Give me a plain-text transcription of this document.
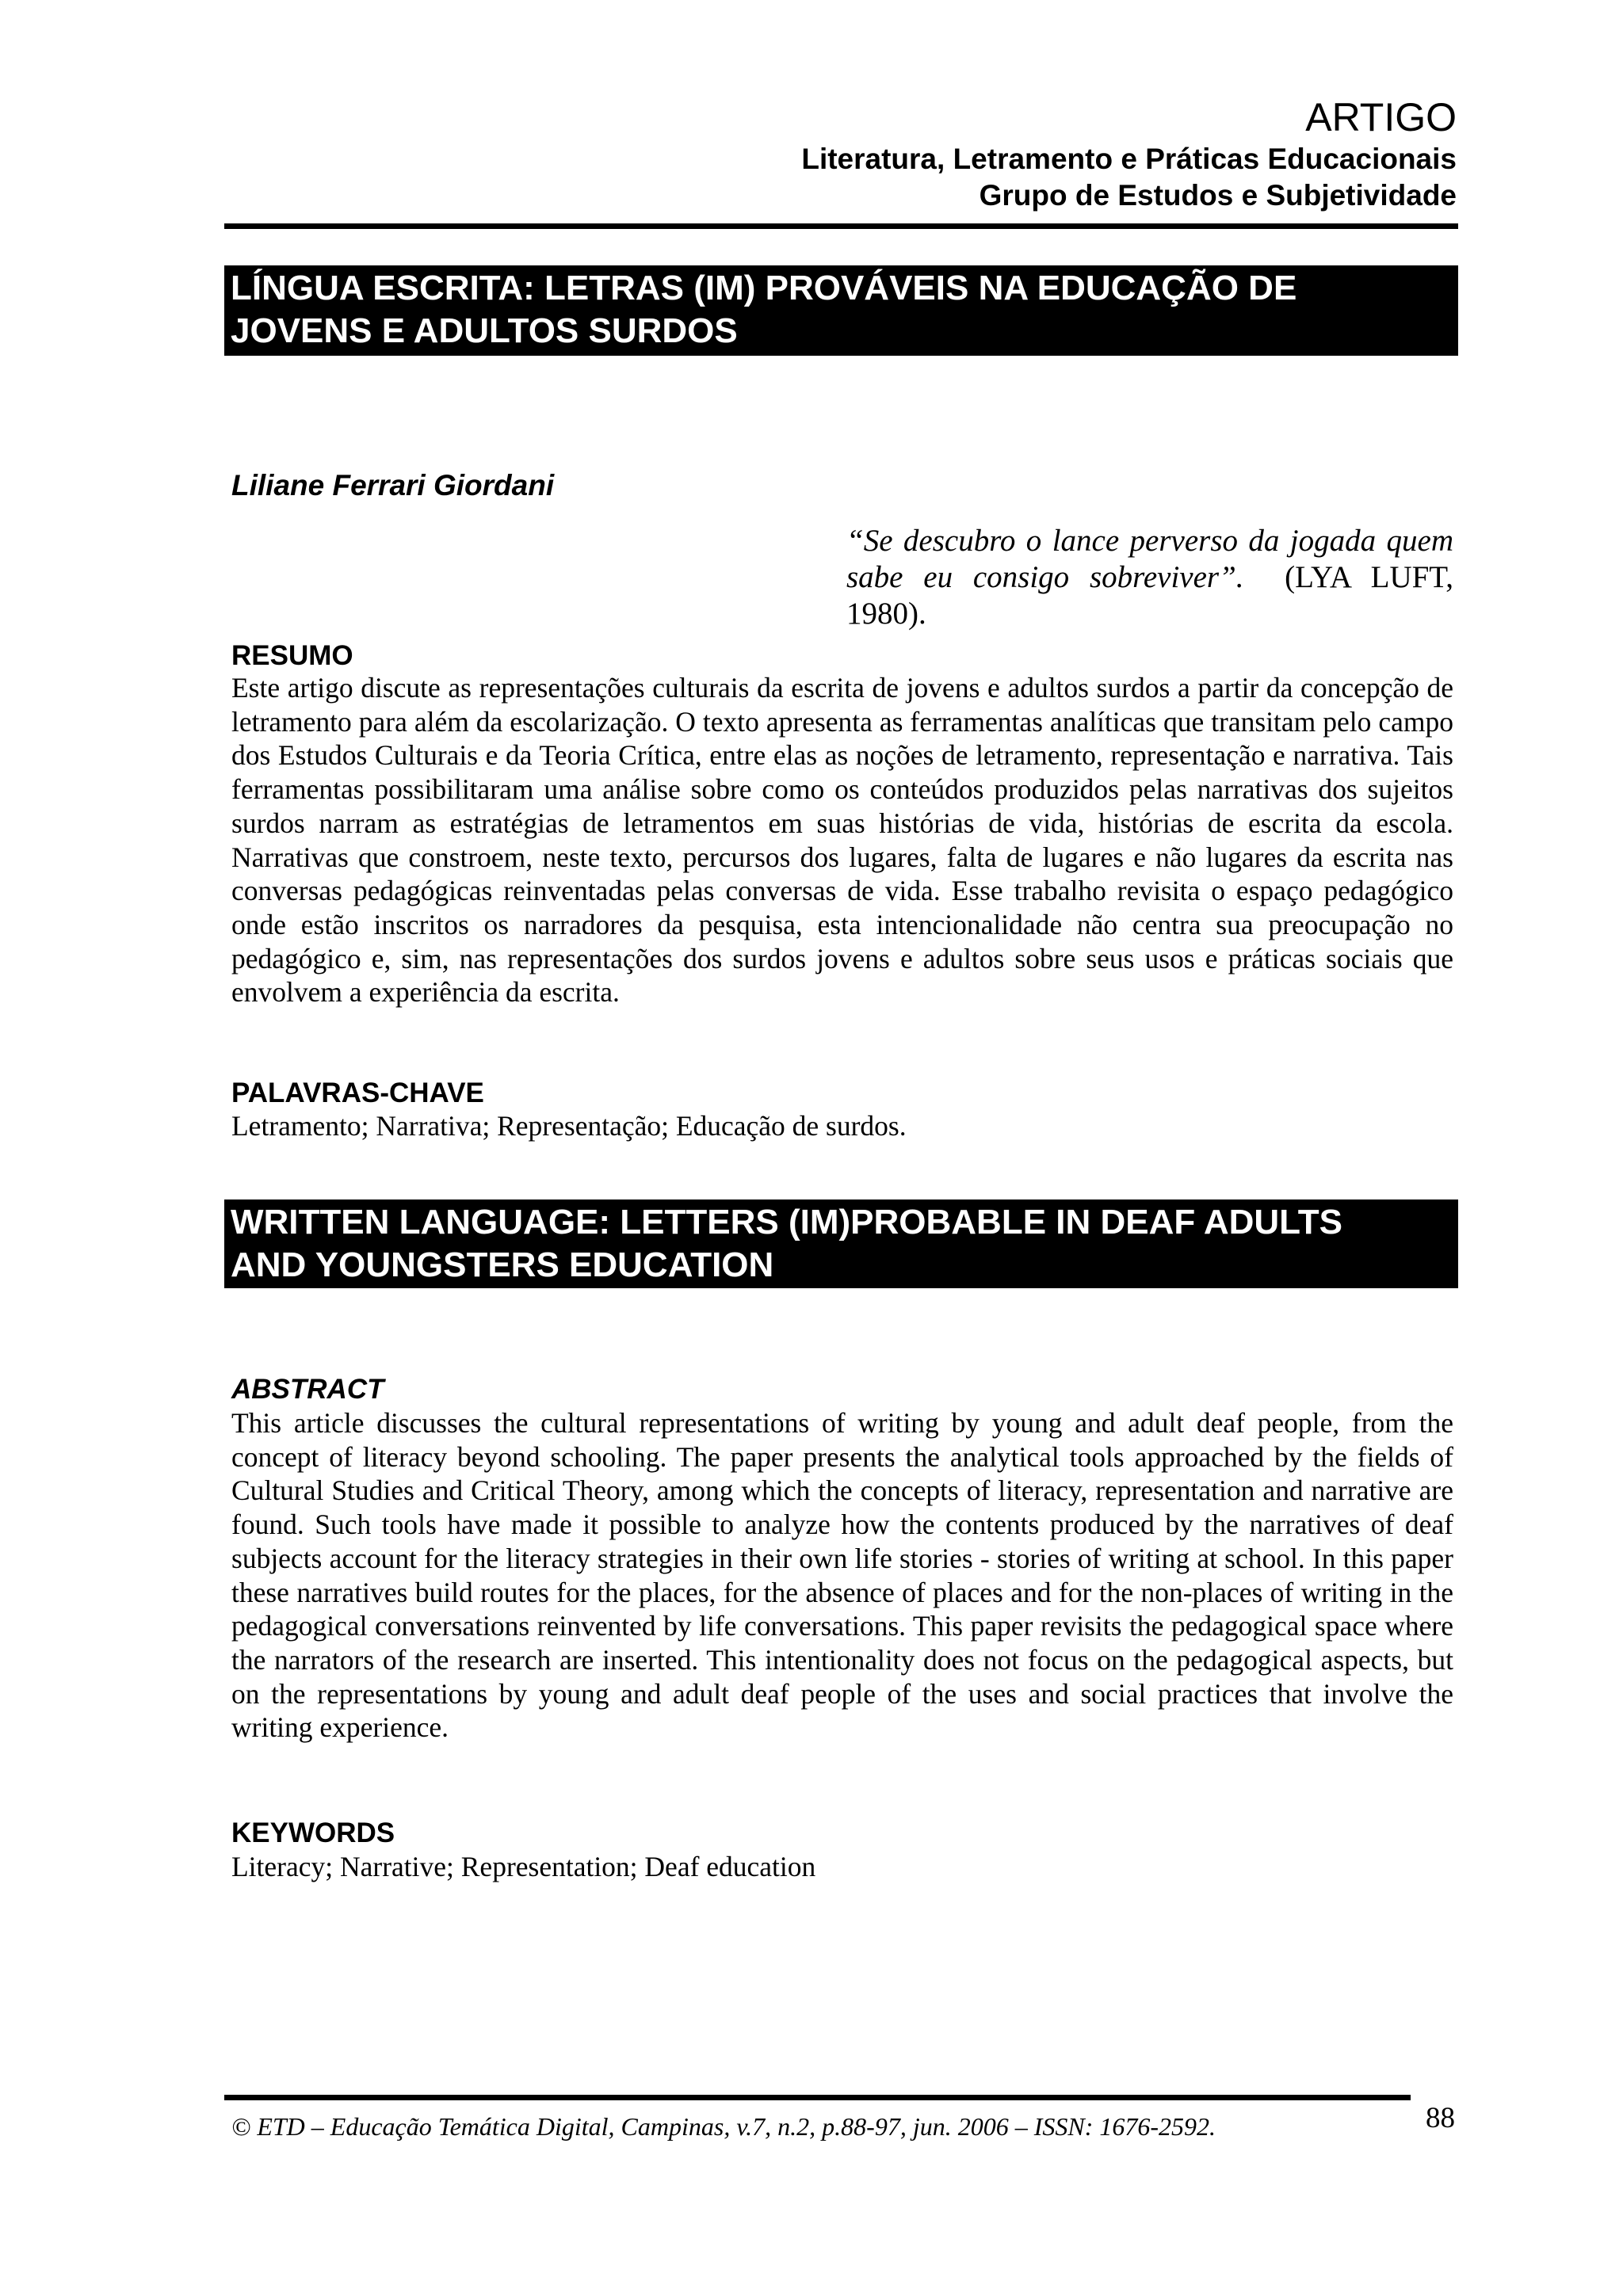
ARTIGO

Literatura, Letramento e Práticas Educacionais

Grupo de Estudos e Subjetividade

LÍNGUA ESCRITA: LETRAS (IM) PROVÁVEIS NA EDUCAÇÃO DE
JOVENS E ADULTOS SURDOS

Liliane Ferrari Giordani

“Se descubro o lance perverso da jogada quem sabe eu consigo sobreviver”. (LYA LUFT, 1980).

RESUMO

Este artigo discute as representações culturais da escrita de jovens e adultos surdos a partir da concepção de letramento para além da escolarização. O texto apresenta as ferramentas analíticas que transitam pelo campo dos Estudos Culturais e da Teoria Crítica, entre elas as noções de letramento, representação e narrativa. Tais ferramentas possibilitaram uma análise sobre como os conteúdos produzidos pelas narrativas dos sujeitos surdos narram as estratégias de letramentos em suas histórias de vida, histórias de escrita da escola. Narrativas que constroem, neste texto, percursos dos lugares, falta de lugares e não lugares da escrita nas conversas pedagógicas reinventadas pelas conversas de vida. Esse trabalho revisita o espaço pedagógico onde estão inscritos os narradores da pesquisa, esta intencionalidade não centra sua preocupação no pedagógico e, sim, nas representações dos surdos jovens e adultos sobre seus usos e práticas sociais que envolvem a experiência da escrita.

PALAVRAS-CHAVE

Letramento; Narrativa; Representação; Educação de surdos.

WRITTEN LANGUAGE: LETTERS (IM)PROBABLE IN DEAF ADULTS
AND YOUNGSTERS EDUCATION

ABSTRACT

This article discusses the cultural representations of writing by young and adult deaf people, from the concept of literacy beyond schooling. The paper presents the analytical tools approached by the fields of Cultural Studies and Critical Theory, among which the concepts of literacy, representation and narrative are found. Such tools have made it possible to analyze how the contents produced by the narratives of deaf subjects account for the literacy strategies in their own life stories - stories of writing at school. In this paper these narratives build routes for the places, for the absence of places and for the non-places of writing in the pedagogical conversations reinvented by life conversations. This paper revisits the pedagogical space where the narrators of the research are inserted. This intentionality does not focus on the pedagogical aspects, but on the representations by young and adult deaf people of the uses and social practices that involve the writing experience.

KEYWORDS

Literacy; Narrative; Representation; Deaf education

© ETD – Educação Temática Digital, Campinas, v.7, n.2, p.88-97, jun. 2006 – ISSN: 1676-2592.	88
